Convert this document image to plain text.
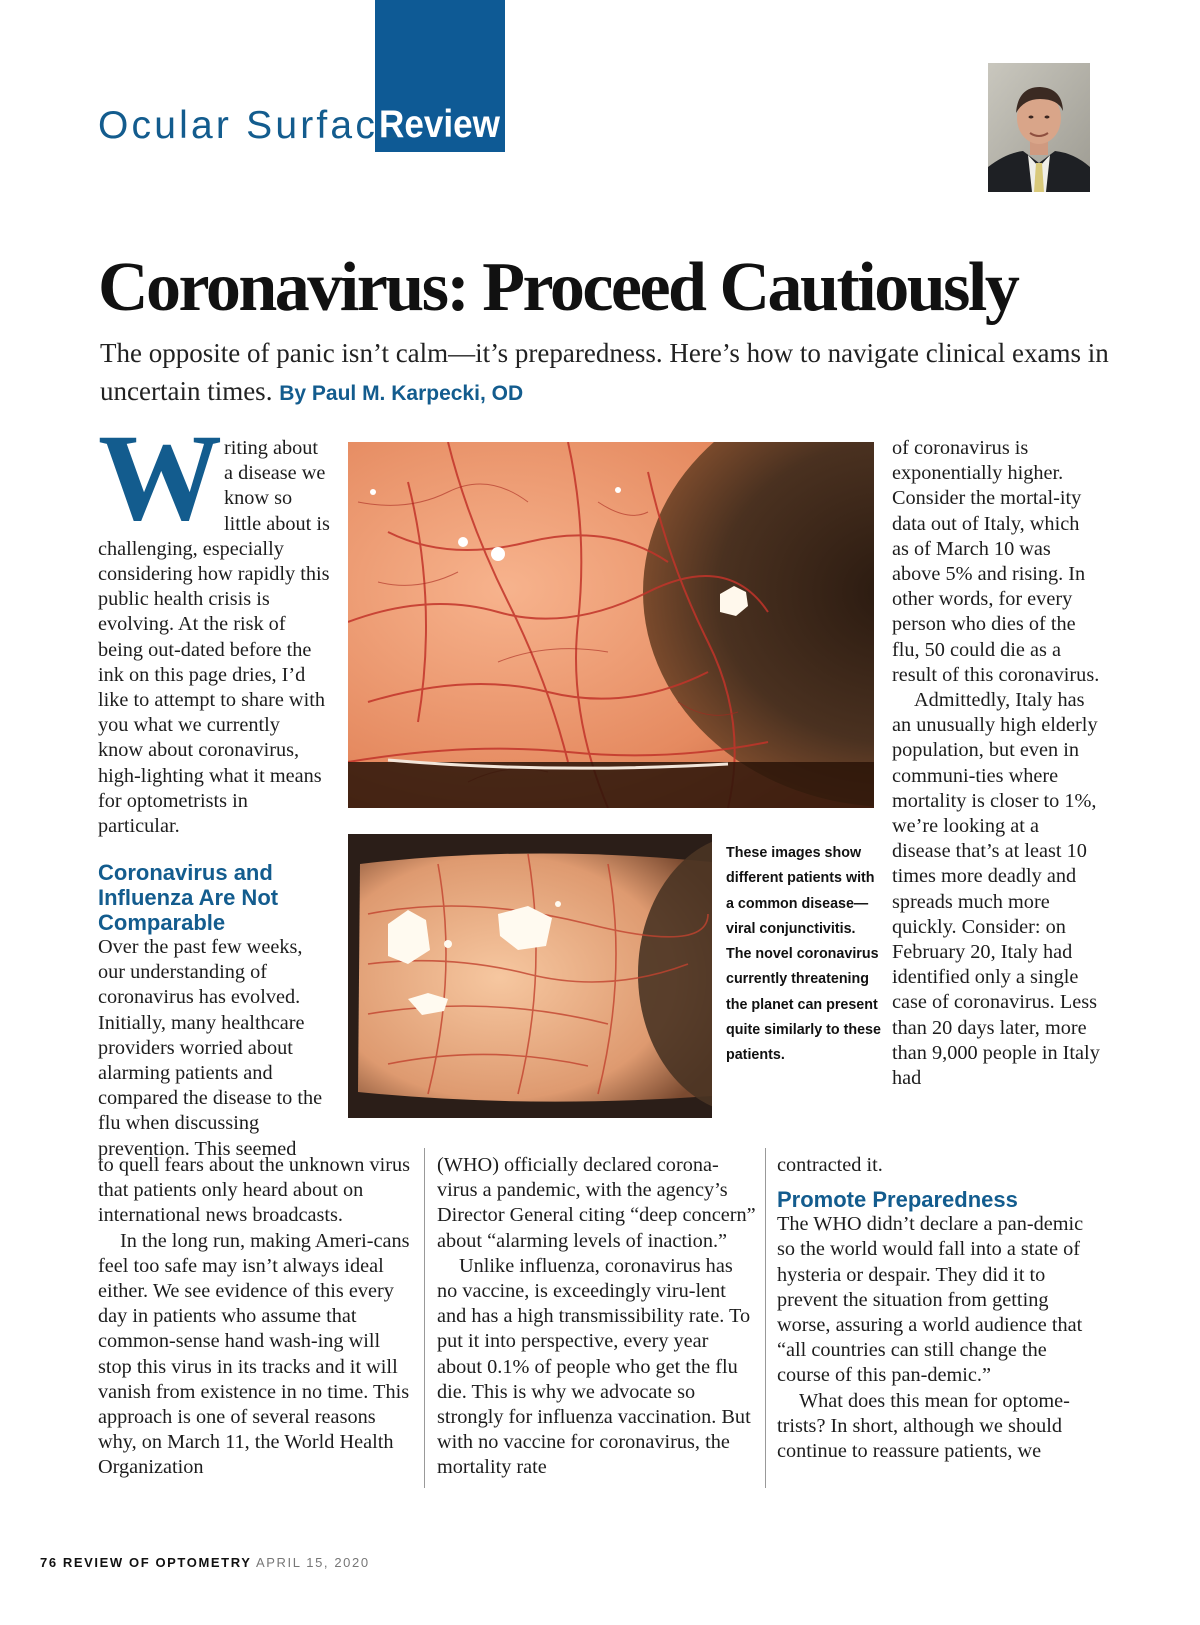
Ocular Surface
Review
Coronavirus: Proceed Cautiously
The opposite of panic isn’t calm—it’s preparedness. Here’s how to navigate clinical exams in uncertain times. By Paul M. Karpecki, OD
W riting about a disease we know so little about is challenging, especially considering how rapidly this public health crisis is evolving. At the risk of being out-dated before the ink on this page dries, I’d like to attempt to share with you what we currently know about coronavirus, high-lighting what it means for optometrists in particular.

Coronavirus and Influenza Are Not Comparable

Over the past few weeks, our understanding of coronavirus has evolved. Initially, many healthcare providers worried about alarming patients and compared the disease to the flu when discussing prevention. This seemed

to quell fears about the unknown virus that patients only heard about on international news broadcasts.

In the long run, making Ameri-cans feel too safe may isn’t always ideal either. We see evidence of this every day in patients who assume that common-sense hand wash-ing will stop this virus in its tracks and it will vanish from existence in no time. This approach is one of several reasons why, on March 11, the World Health Organization

These images show different patients with a common disease—viral conjunctivitis. The novel coronavirus currently threatening the planet can present quite similarly to these patients.

(WHO) officially declared corona-virus a pandemic, with the agency’s Director General citing “deep concern” about “alarming levels of inaction.”

Unlike influenza, coronavirus has no vaccine, is exceedingly viru-lent and has a high transmissibility rate. To put it into perspective, every year about 0.1% of people who get the flu die. This is why we advocate so strongly for influenza vaccination. But with no vaccine for coronavirus, the mortality rate

of coronavirus is exponentially higher. Consider the mortal-ity data out of Italy, which as of March 10 was above 5% and rising. In other words, for every person who dies of the flu, 50 could die as a result of this coronavirus.

Admittedly, Italy has an unusually high elderly population, but even in communi-ties where mortality is closer to 1%, we’re looking at a disease that’s at least 10 times more deadly and spreads much more quickly. Consider: on February 20, Italy had identified only a single case of coronavirus. Less than 20 days later, more than 9,000 people in Italy had

contracted it.

Promote Preparedness

The WHO didn’t declare a pan-demic so the world would fall into a state of hysteria or despair. They did it to prevent the situation from getting worse, assuring a world audience that “all countries can still change the course of this pan-demic.”

What does this mean for optome-trists? In short, although we should continue to reassure patients, we

76 REVIEW OF OPTOMETRY APRIL 15, 2020
